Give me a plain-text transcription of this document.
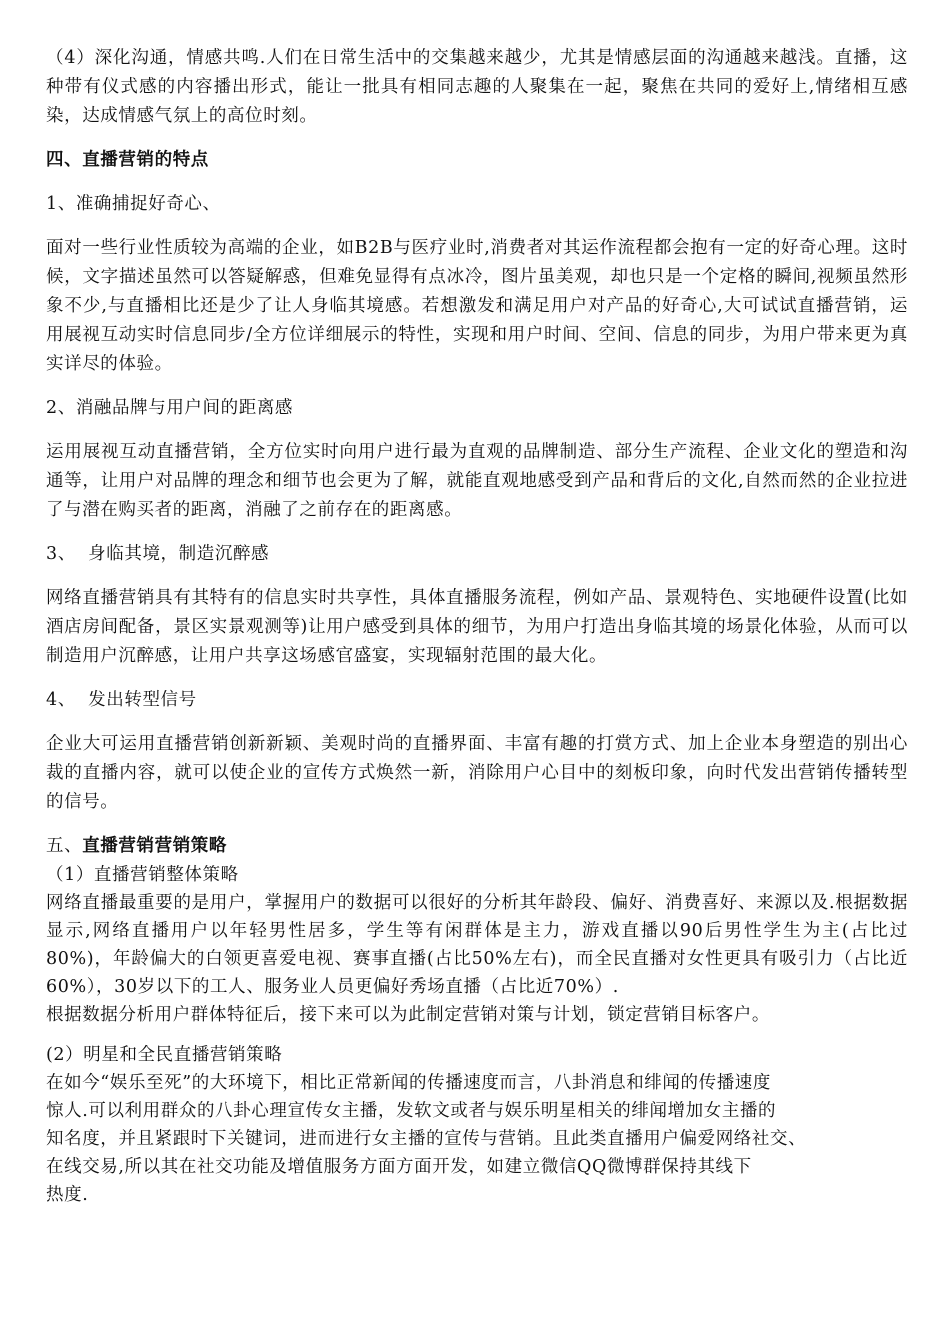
（4）深化沟通，情感共鸣.人们在日常生活中的交集越来越少，尤其是情感层面的沟通越来越浅。直播，这种带有仪式感的内容播出形式，能让一批具有相同志趣的人聚集在一起，聚焦在共同的爱好上,情绪相互感染，达成情感气氛上的高位时刻。

四、直播营销的特点

1、准确捕捉好奇心、

面对一些行业性质较为高端的企业，如B2B与医疗业时,消费者对其运作流程都会抱有一定的好奇心理。这时候，文字描述虽然可以答疑解惑，但难免显得有点冰冷，图片虽美观，却也只是一个定格的瞬间,视频虽然形象不少,与直播相比还是少了让人身临其境感。若想激发和满足用户对产品的好奇心,大可试试直播营销，运用展视互动实时信息同步/全方位详细展示的特性，实现和用户时间、空间、信息的同步，为用户带来更为真实详尽的体验。

2、消融品牌与用户间的距离感

运用展视互动直播营销，全方位实时向用户进行最为直观的品牌制造、部分生产流程、企业文化的塑造和沟通等，让用户对品牌的理念和细节也会更为了解，就能直观地感受到产品和背后的文化,自然而然的企业拉进了与潜在购买者的距离，消融了之前存在的距离感。

3、  身临其境，制造沉醉感

网络直播营销具有其特有的信息实时共享性，具体直播服务流程，例如产品、景观特色、实地硬件设置(比如酒店房间配备，景区实景观测等)让用户感受到具体的细节，为用户打造出身临其境的场景化体验，从而可以制造用户沉醉感，让用户共享这场感官盛宴，实现辐射范围的最大化。

4、  发出转型信号

企业大可运用直播营销创新新颖、美观时尚的直播界面、丰富有趣的打赏方式、加上企业本身塑造的别出心裁的直播内容，就可以使企业的宣传方式焕然一新，消除用户心目中的刻板印象，向时代发出营销传播转型的信号。

五、直播营销营销策略

（1）直播营销整体策略

网络直播最重要的是用户，掌握用户的数据可以很好的分析其年龄段、偏好、消费喜好、来源以及.根据数据显示,网络直播用户以年轻男性居多，学生等有闲群体是主力，游戏直播以90后男性学生为主(占比过80%)，年龄偏大的白领更喜爱电视、赛事直播(占比50%左右)，而全民直播对女性更具有吸引力（占比近60%），30岁以下的工人、服务业人员更偏好秀场直播（占比近70%）.

根据数据分析用户群体特征后，接下来可以为此制定营销对策与计划，锁定营销目标客户。

(2）明星和全民直播营销策略

在如今“娱乐至死”的大环境下，相比正常新闻的传播速度而言，八卦消息和绯闻的传播速度

惊人.可以利用群众的八卦心理宣传女主播，发软文或者与娱乐明星相关的绯闻增加女主播的

知名度，并且紧跟时下关键词，进而进行女主播的宣传与营销。且此类直播用户偏爱网络社交、

在线交易,所以其在社交功能及增值服务方面方面开发，如建立微信QQ微博群保持其线下

热度.
